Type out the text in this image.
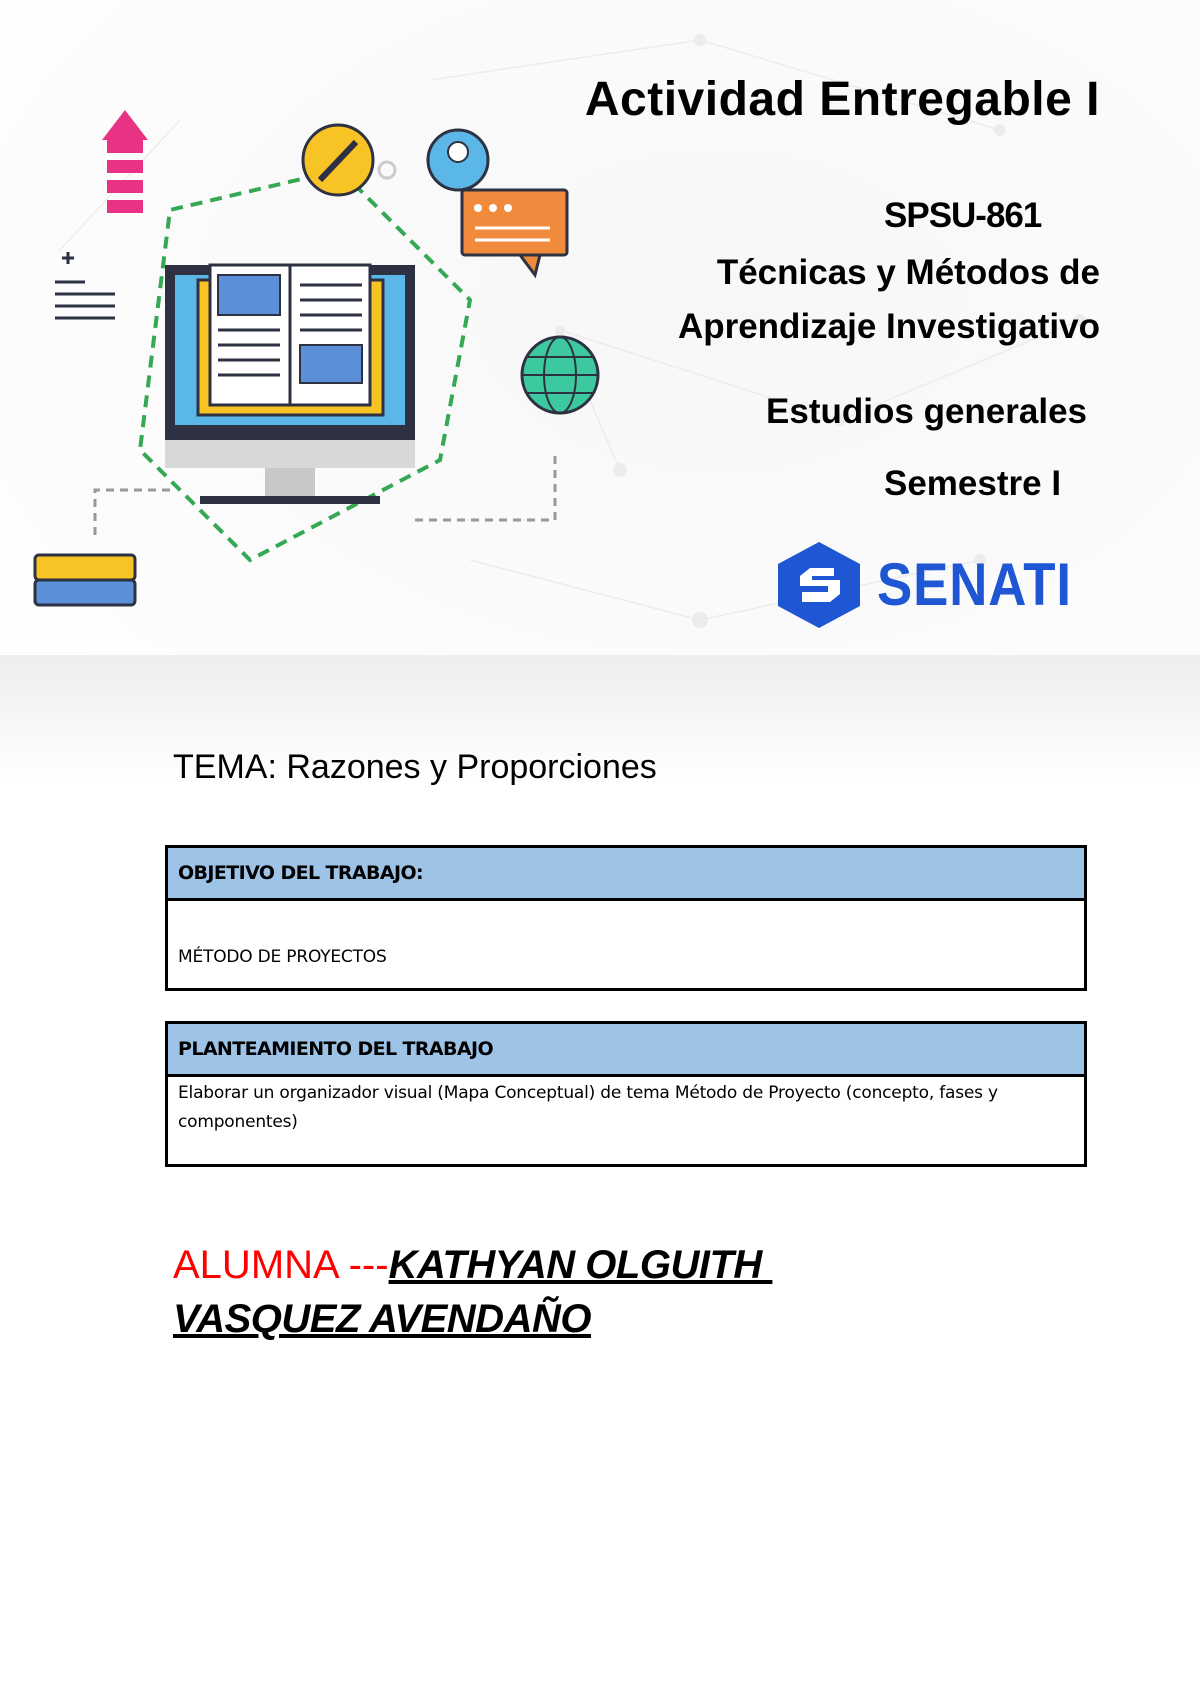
Actividad Entregable I
SPSU-861
Técnicas y Métodos de
Aprendizaje Investigativo
Estudios generales
Semestre I
SENATI
TEMA: Razones y Proporciones
OBJETIVO DEL TRABAJO:
MÉTODO DE PROYECTOS
PLANTEAMIENTO DEL TRABAJO
Elaborar un organizador visual (Mapa Conceptual) de tema Método de Proyecto (concepto, fases y
componentes)
ALUMNA ---KATHYAN OLGUITH
VASQUEZ AVENDAÑO
